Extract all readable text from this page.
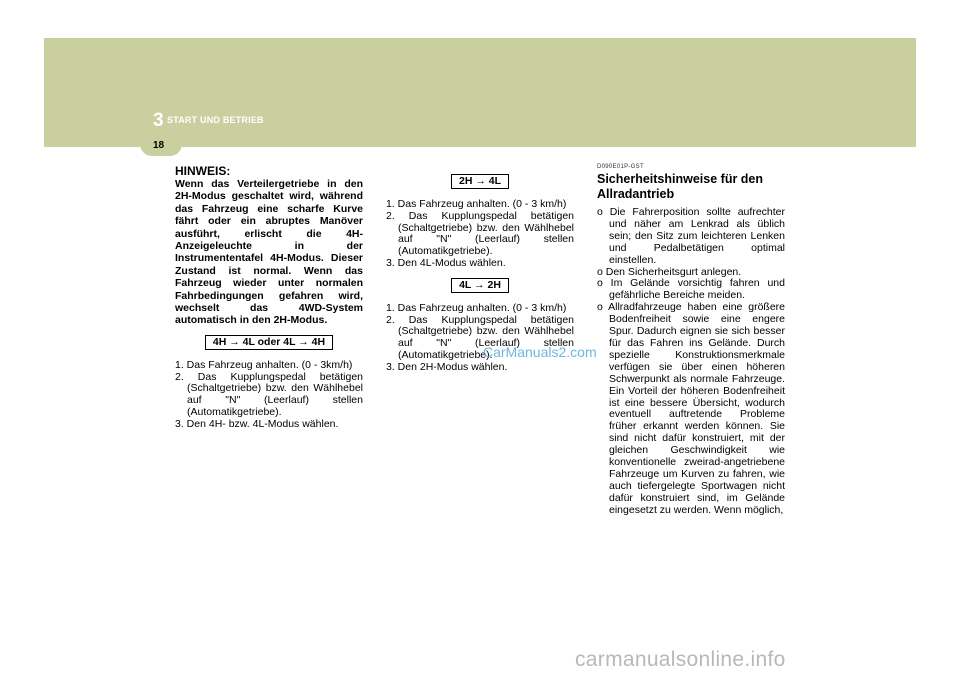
3 START UND BETRIEB
18
HINWEIS:

Wenn das Verteilergetriebe in den 2H-Modus geschaltet wird, während das Fahrzeug eine scharfe Kurve fährt oder ein abruptes Manöver ausführt, erlischt die 4H-Anzeigeleuchte in der Instrumententafel 4H-Modus. Dieser Zustand ist normal. Wenn das Fahrzeug wieder unter normalen Fahrbedingungen gefahren wird, wechselt das 4WD-System automatisch in den 2H-Modus.

4H → 4L oder 4L → 4H
1. Das Fahrzeug anhalten. (0 - 3km/h)
2. Das Kupplungspedal betätigen (Schaltgetriebe) bzw. den Wählhebel auf "N" (Leerlauf) stellen (Automatikgetriebe).
3. Den 4H- bzw. 4L-Modus wählen.
2H → 4L
1. Das Fahrzeug anhalten. (0 - 3 km/h)
2. Das Kupplungspedal betätigen (Schaltgetriebe) bzw. den Wählhebel auf "N" (Leerlauf) stellen (Automatikgetriebe).
3. Den 4L-Modus wählen.
4L → 2H
1. Das Fahrzeug anhalten. (0 - 3 km/h)
2. Das Kupplungspedal betätigen (Schaltgetriebe) bzw. den Wählhebel auf "N" (Leerlauf) stellen (Automatikgetriebe).
3. Den 2H-Modus wählen.
D090E01P-GST
Sicherheitshinweise für den Allradantrieb
o Die Fahrerposition sollte aufrechter und näher am Lenkrad als üblich sein; den Sitz zum leichteren Lenken und Pedalbetätigen optimal einstellen.
o Den Sicherheitsgurt anlegen.
o Im Gelände vorsichtig fahren und gefährliche Bereiche meiden.
o Allradfahrzeuge haben eine größere Bodenfreiheit sowie eine engere Spur. Dadurch eignen sie sich besser für das Fahren ins Gelände. Durch spezielle Konstruktionsmerkmale verfügen sie über einen höheren Schwerpunkt als normale Fahrzeuge. Ein Vorteil der höheren Bodenfreiheit ist eine bessere Übersicht, wodurch eventuell auftretende Probleme früher erkannt werden können. Sie sind nicht dafür konstruiert, mit der gleichen Geschwindigkeit wie konventionelle zweirad-angetriebene Fahrzeuge um Kurven zu fahren, wie auch tiefergelegte Sportwagen nicht dafür konstruiert sind, im Gelände eingesetzt zu werden. Wenn möglich,
CarManuals2.com
carmanualsonline.info
